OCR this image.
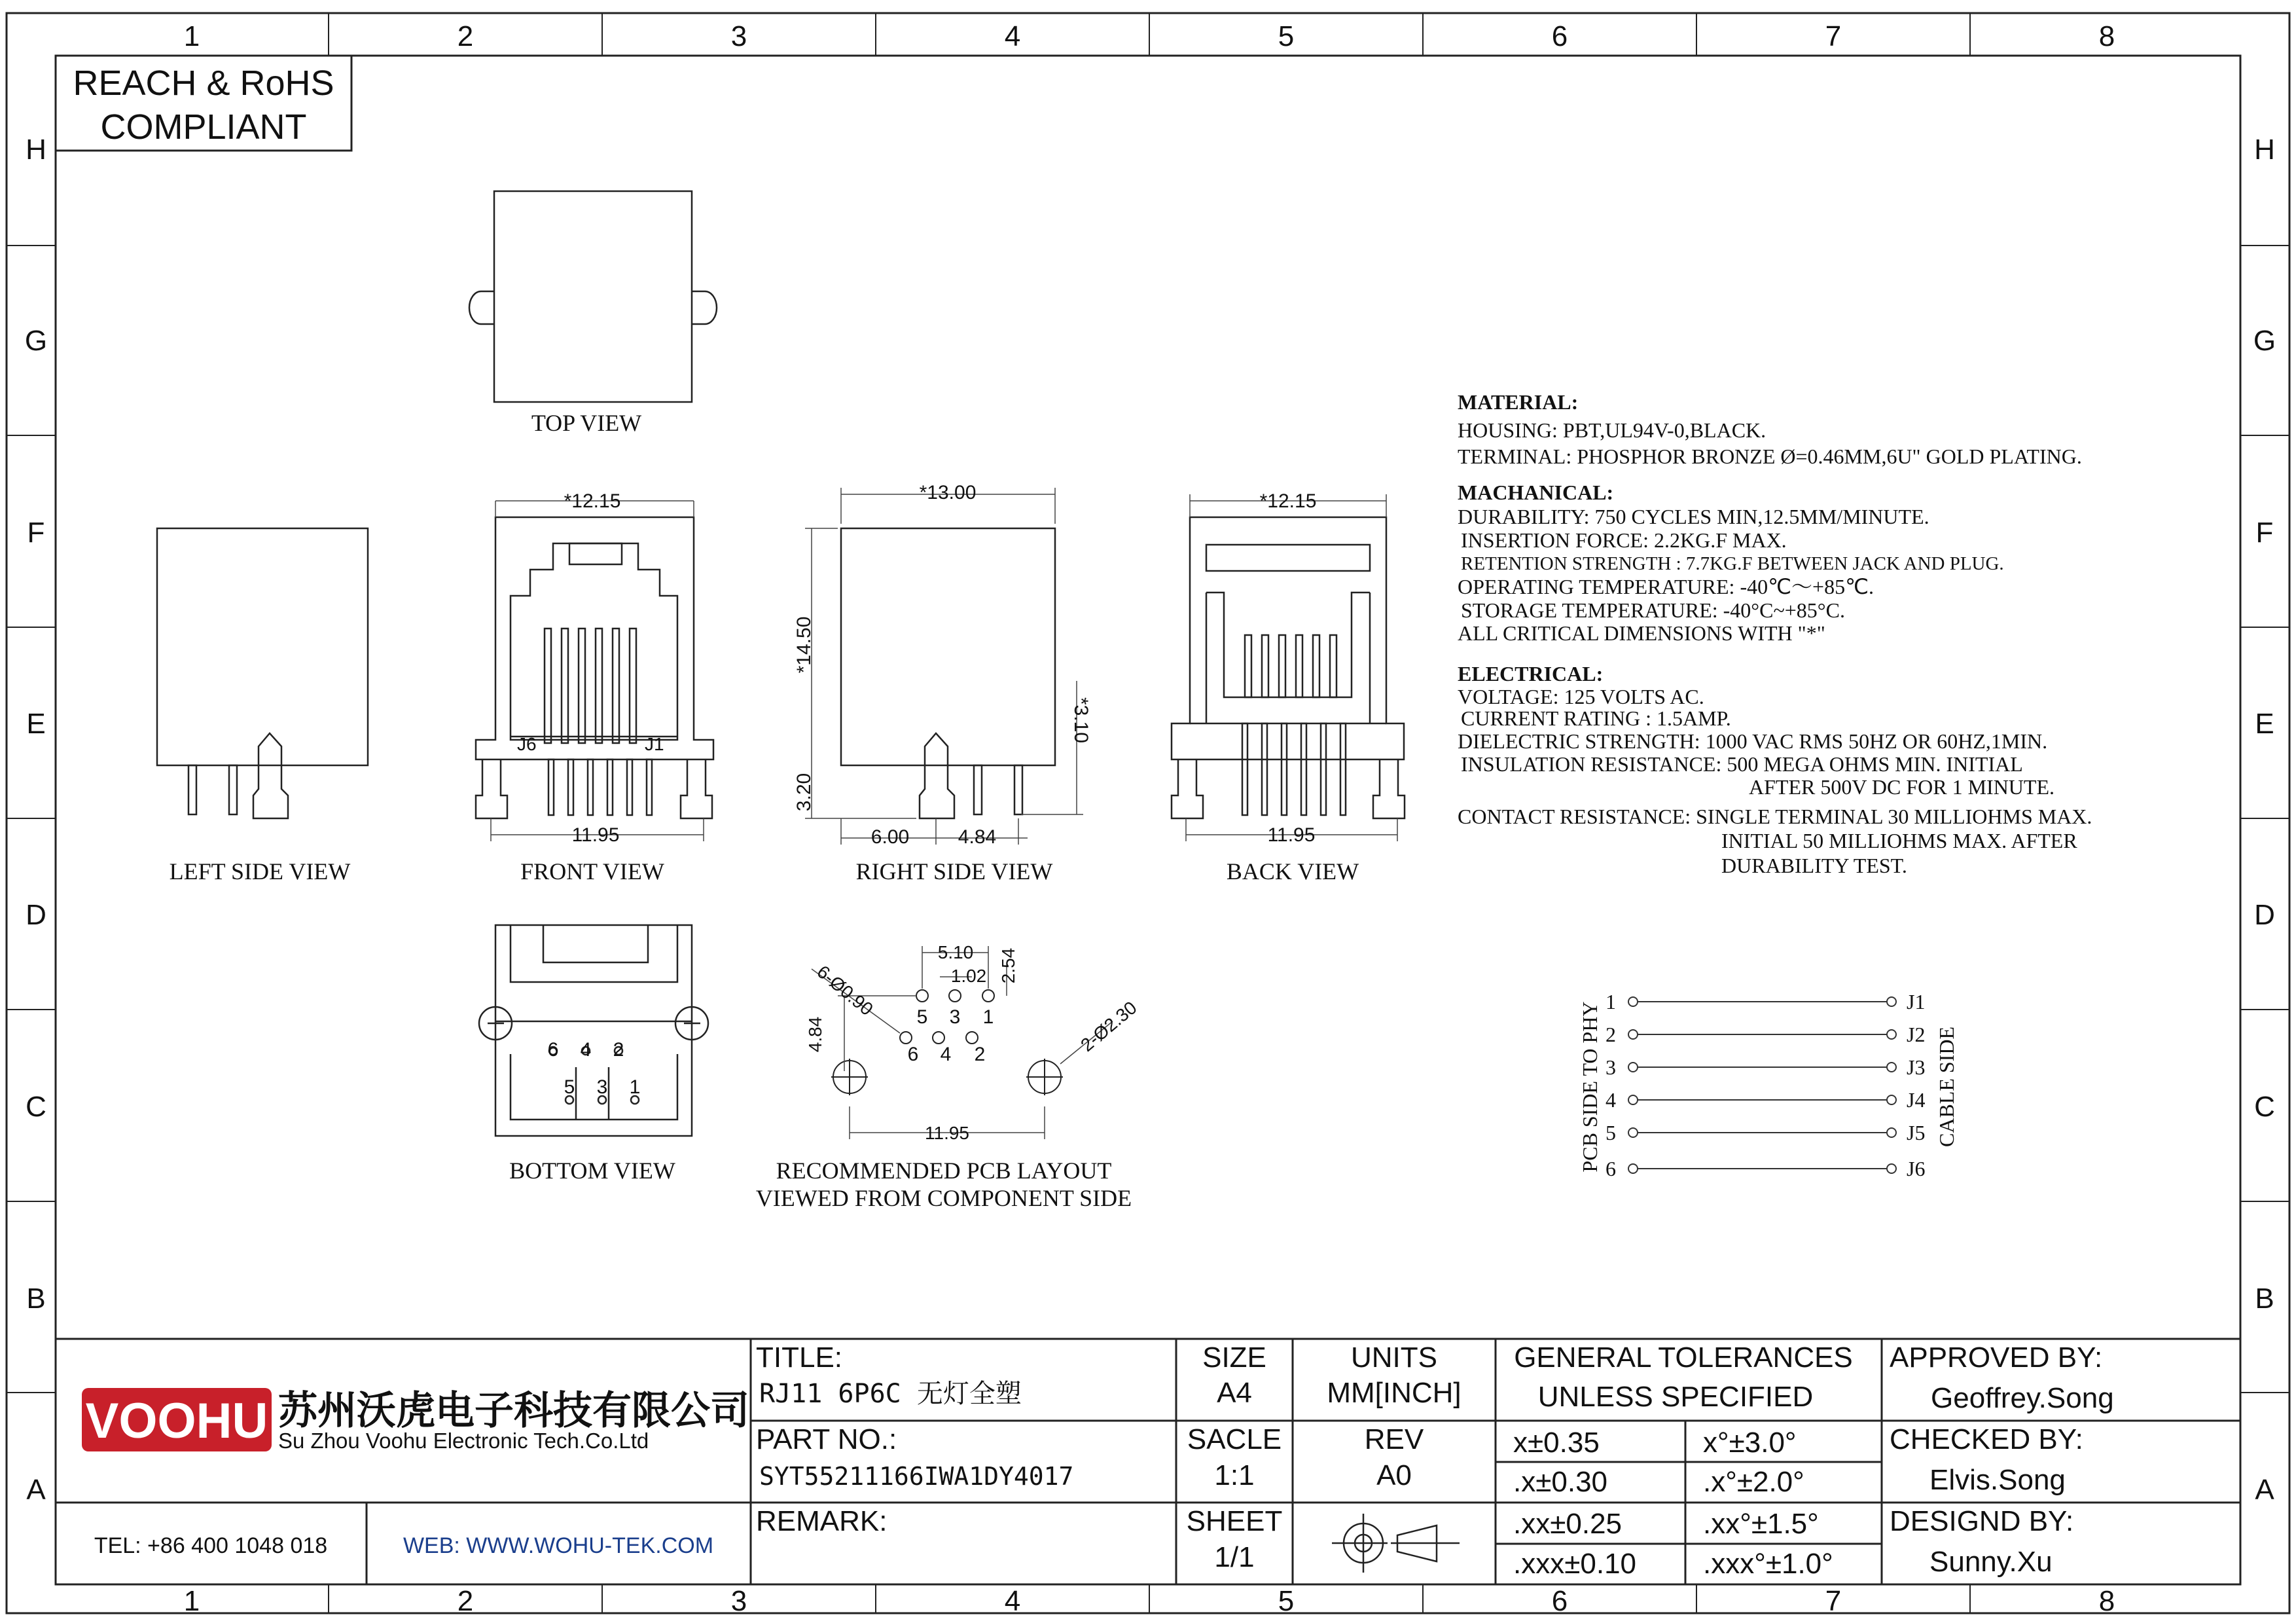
1	2	3	4	5	6	7	8
1	2	3	4	5	6	7	8
H
G
F
E
D
C
B
A
H
G
F
E
D
C
B
A
REACH & RoHS
COMPLIANT
TOP VIEW
LEFT SIDE VIEW
*12.15
11.95
J6	J1
FRONT VIEW
*13.00
*14.50
3.20
*3.10
6.00 4.84
RIGHT SIDE VIEW
*12.15
11.95
BACK VIEW
6 4 2
5 3 1
BOTTOM VIEW
5 3 1
6 4 2
5.10
1.02 2.54
6-Ø0.90
4.84	2-Ø2.30
11.95
RECOMMENDED PCB LAYOUT
VIEWED FROM COMPONENT SIDE
MATERIAL:
HOUSING: PBT,UL94V-0,BLACK.
TERMINAL: PHOSPHOR BRONZE Ø=0.46MM,6U" GOLD PLATING.
MACHANICAL:
DURABILITY: 750 CYCLES MIN,12.5MM/MINUTE.
INSERTION FORCE: 2.2KG.F MAX.
RETENTION STRENGTH : 7.7KG.F BETWEEN JACK AND PLUG.
OPERATING TEMPERATURE: -40℃～+85℃.
STORAGE TEMPERATURE: -40°C~+85°C.
ALL CRITICAL DIMENSIONS WITH "*"
ELECTRICAL:
VOLTAGE: 125 VOLTS AC.
CURRENT RATING : 1.5AMP.
DIELECTRIC STRENGTH: 1000 VAC RMS 50HZ OR 60HZ,1MIN.
INSULATION RESISTANCE: 500 MEGA OHMS MIN. INITIAL
AFTER 500V DC FOR 1 MINUTE.
CONTACT RESISTANCE: SINGLE TERMINAL 30 MILLIOHMS MAX.
INITIAL 50 MILLIOHMS MAX. AFTER
DURABILITY TEST.
1
2
3
4
5
6
J1
J2
J3
J4
J5
J6
PCB SIDE TO PHY	CABLE SIDE
VOOHU 苏州沃虎电子科技有限公司
Su Zhou Voohu Electronic Tech.Co.Ltd
TEL: +86 400 1048 018	WEB: WWW.WOHU-TEK.COM
TITLE:
RJ11 6P6C 无灯全塑
PART NO.:
SYT55211166IWA1DY4017
REMARK:
SIZE
A4
SACLE
1:1
SHEET
1/1
UNITS
MM[INCH]
REV
A0
GENERAL TOLERANCES
UNLESS SPECIFIED
x±0.35	x°±3.0°
.x±0.30	.x°±2.0°
.xx±0.25	.xx°±1.5°
.xxx±0.10 .xxx°±1.0°
APPROVED BY:
Geoffrey.Song
CHECKED BY:
Elvis.Song
DESIGND BY:
Sunny.Xu
